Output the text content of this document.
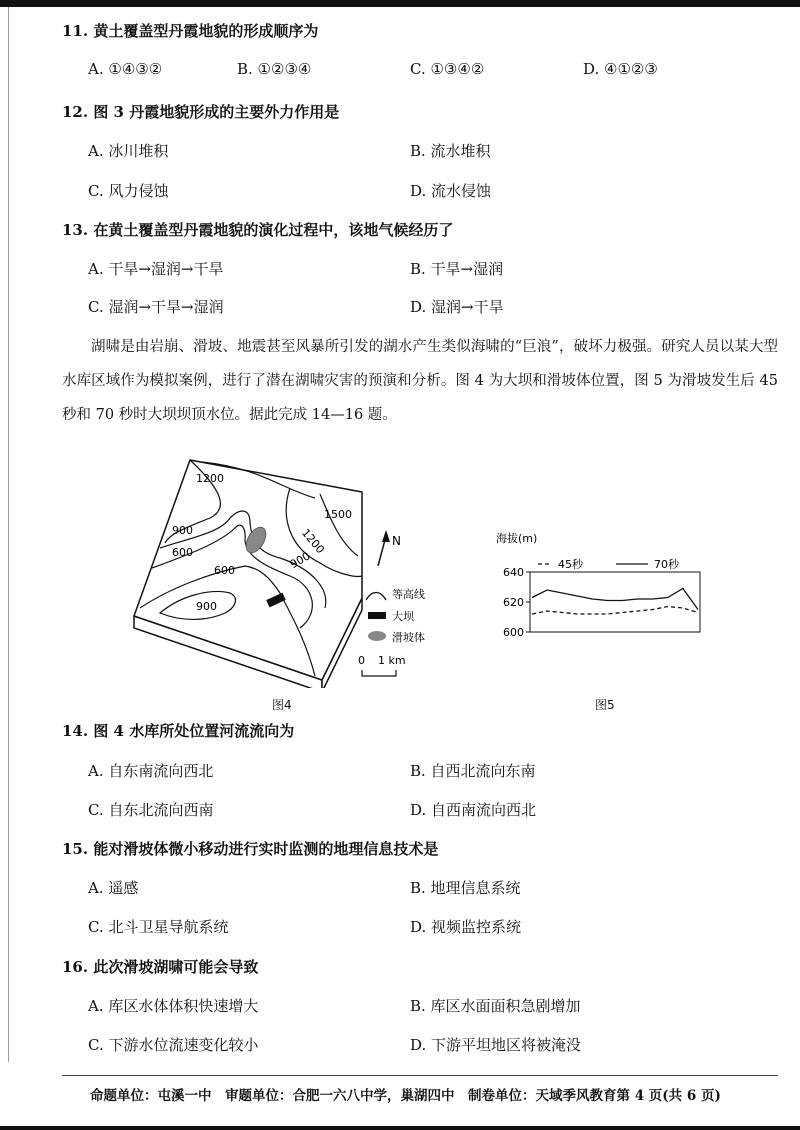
11. 黄土覆盖型丹霞地貌的形成顺序为
A. ①④③②	B. ①②③④	C. ①③④②	D. ④①②③
12. 图 3 丹霞地貌形成的主要外力作用是
A. 冰川堆积	B. 流水堆积
C. 风力侵蚀	D. 流水侵蚀
13. 在黄土覆盖型丹霞地貌的演化过程中，该地气候经历了
A. 干旱→湿润→干旱	B. 干旱→湿润
C. 湿润→干旱→湿润	D. 湿润→干旱

湖啸是由岩崩、滑坡、地震甚至风暴所引发的湖水产生类似海啸的“巨浪”，破坏力极强。研究人员以某大型水库区域作为模拟案例，进行了潜在湖啸灾害的预演和分析。图 4 为大坝和滑坡体位置，图 5 为滑坡发生后 45 秒和 70 秒时大坝坝顶水位。据此完成 14—16 题。

1200
1500
900
600	1200
900
600
900
N
等高线
大坝
滑坡体
0 1 km
图4
海拔(m)
45秒	70秒
600
620
640
图5
14. 图 4 水库所处位置河流流向为
A. 自东南流向西北	B. 自西北流向东南
C. 自东北流向西南	D. 自西南流向西北
15. 能对滑坡体微小移动进行实时监测的地理信息技术是
A. 遥感	B. 地理信息系统
C. 北斗卫星导航系统	D. 视频监控系统
16. 此次滑坡湖啸可能会导致
A. 库区水体体积快速增大	B. 库区水面面积急剧增加
C. 下游水位流速变化较小	D. 下游平坦地区将被淹没
命题单位：屯溪一中　审题单位：合肥一六八中学，巢湖四中　制卷单位：天域季风教育第 4 页(共 6 页)
